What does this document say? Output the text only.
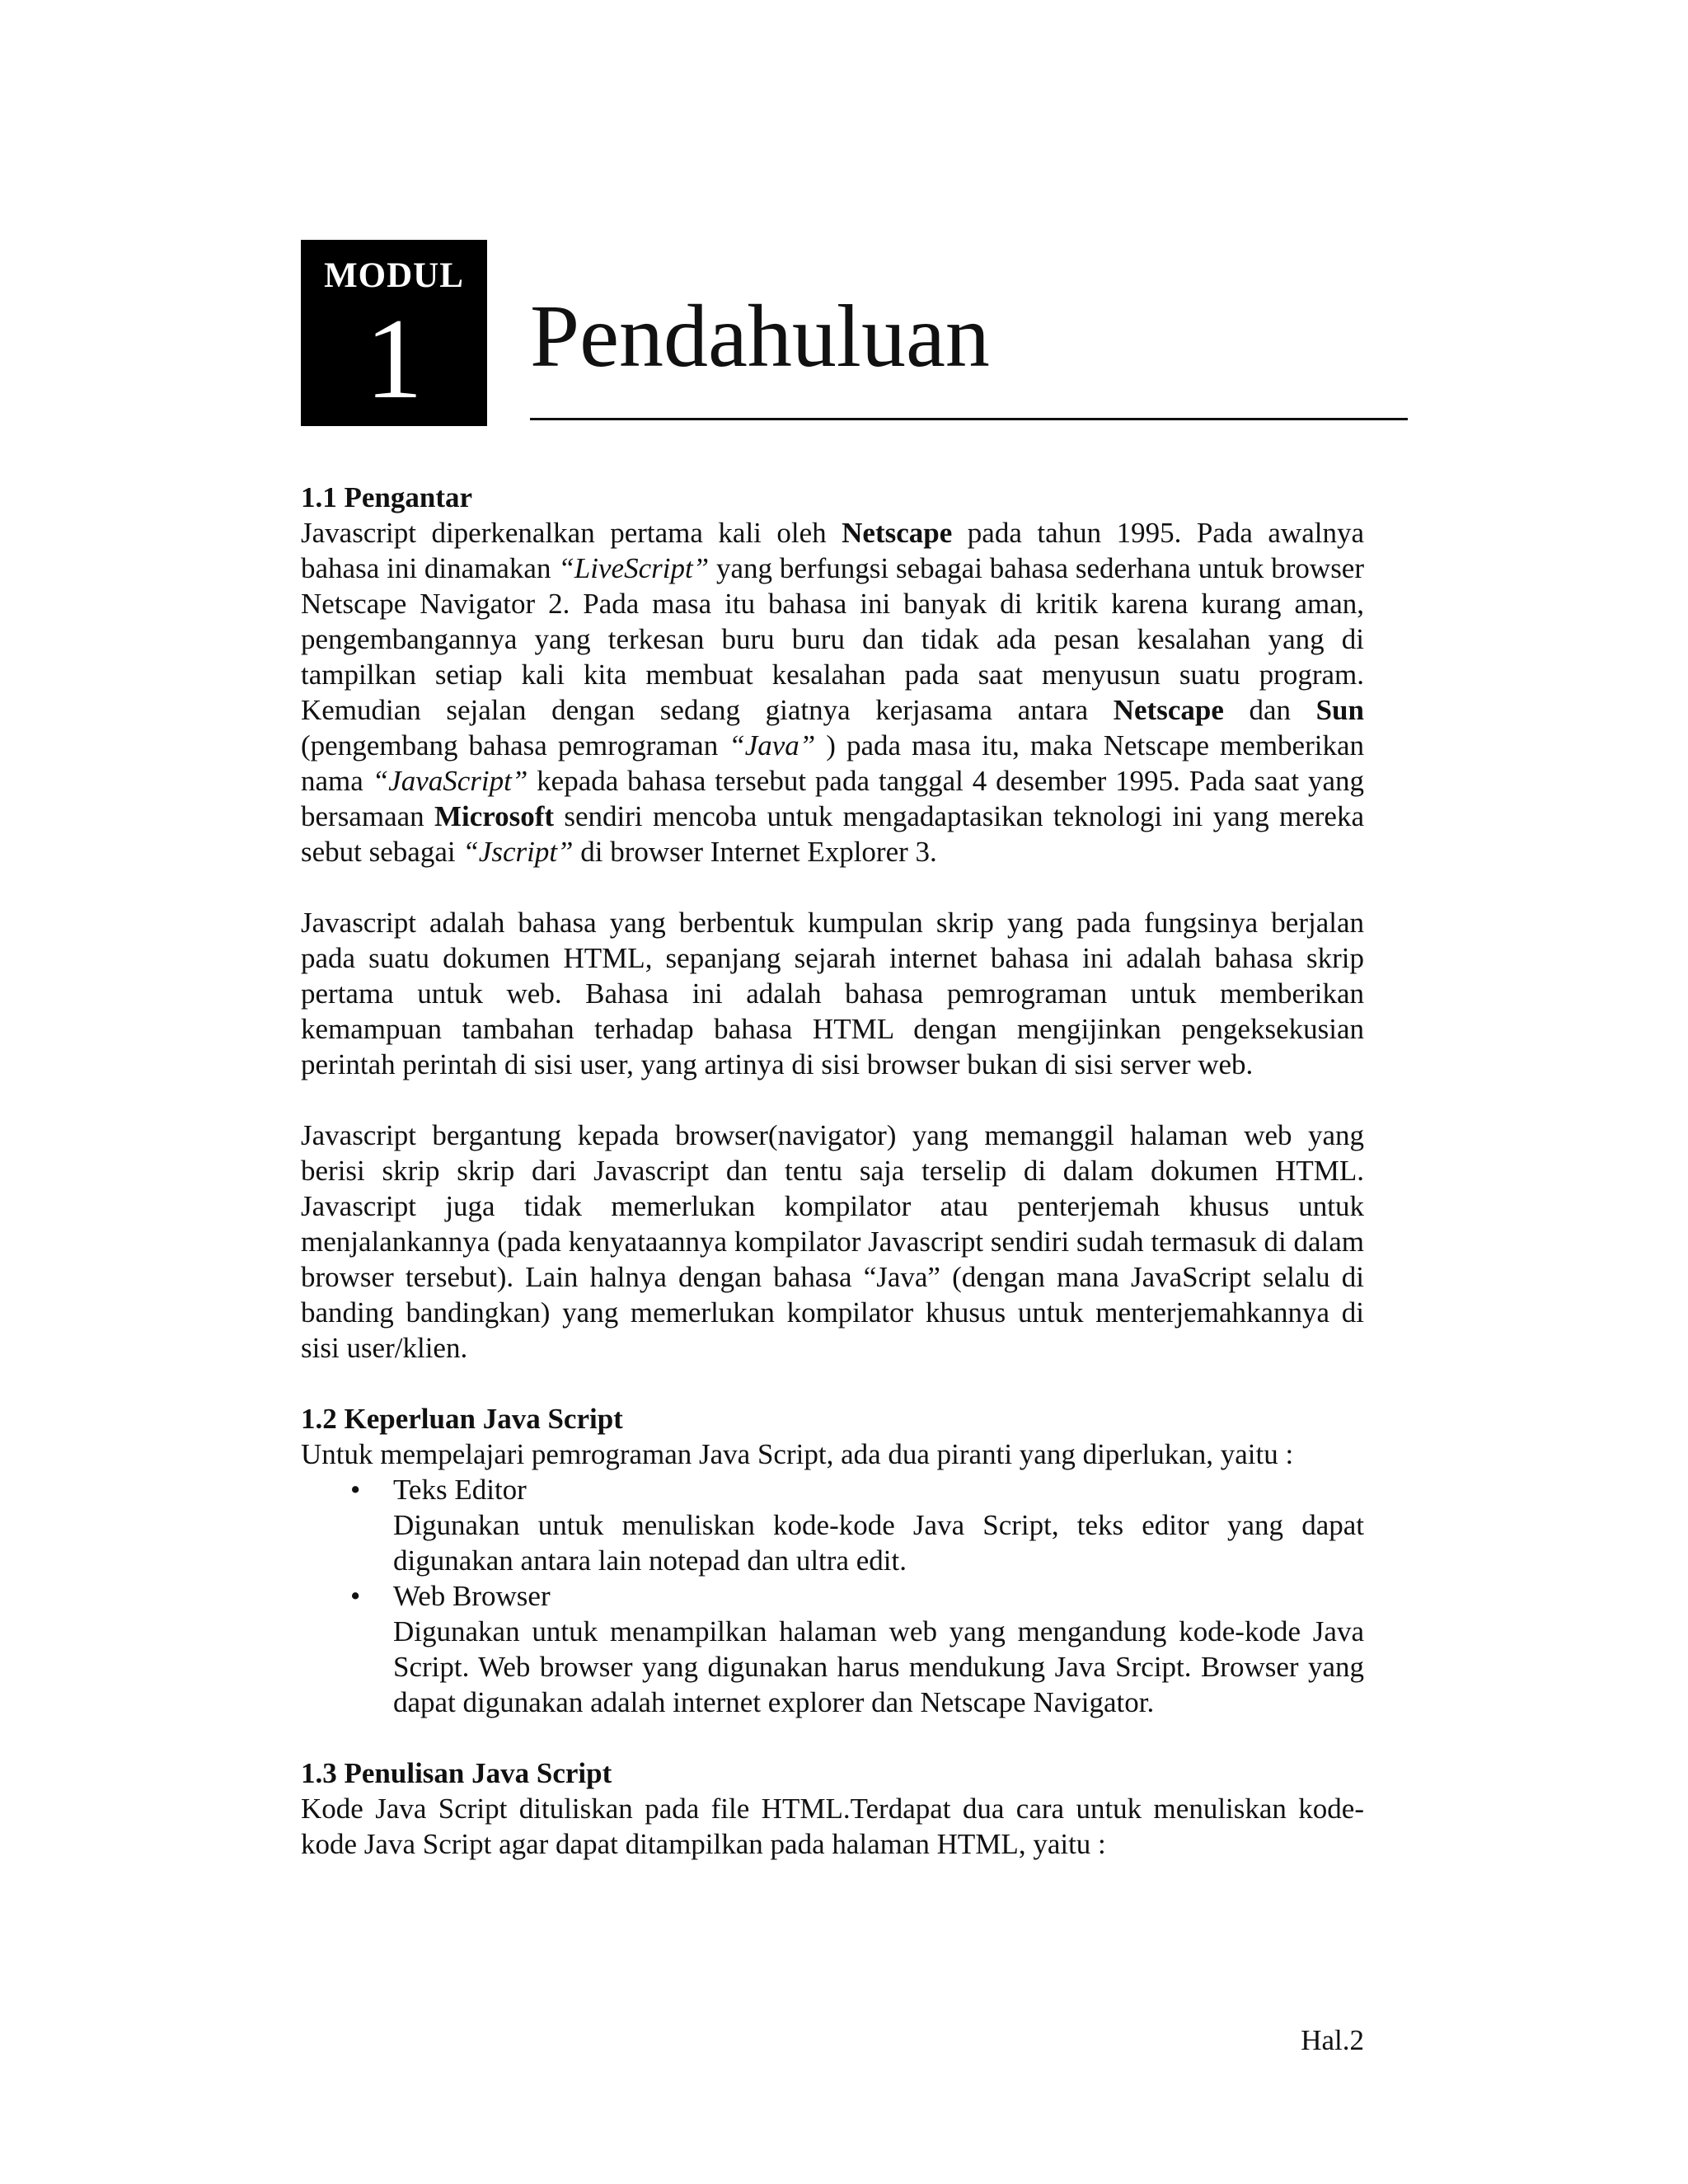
MODUL
1	Pendahuluan
1.1 Pengantar

Javascript diperkenalkan pertama kali oleh Netscape pada tahun 1995. Pada awalnya bahasa ini dinamakan “LiveScript” yang berfungsi sebagai bahasa sederhana untuk browser Netscape Navigator 2. Pada masa itu bahasa ini banyak di kritik karena kurang aman, pengembangannya yang terkesan buru buru dan tidak ada pesan kesalahan yang di tampilkan setiap kali kita membuat kesalahan pada saat menyusun suatu program. Kemudian sejalan dengan sedang giatnya kerjasama antara Netscape dan Sun (pengembang bahasa pemrograman “Java” ) pada masa itu, maka Netscape memberikan nama “JavaScript” kepada bahasa tersebut pada tanggal 4 desember 1995. Pada saat yang bersamaan Microsoft sendiri mencoba untuk mengadaptasikan teknologi ini yang mereka sebut sebagai “Jscript” di browser Internet Explorer 3.

Javascript adalah bahasa yang berbentuk kumpulan skrip yang pada fungsinya berjalan pada suatu dokumen HTML, sepanjang sejarah internet bahasa ini adalah bahasa skrip pertama untuk web. Bahasa ini adalah bahasa pemrograman untuk memberikan kemampuan tambahan terhadap bahasa HTML dengan mengijinkan pengeksekusian perintah perintah di sisi user, yang artinya di sisi browser bukan di sisi server web.

Javascript bergantung kepada browser(navigator) yang memanggil halaman web yang berisi skrip skrip dari Javascript dan tentu saja terselip di dalam dokumen HTML. Javascript juga tidak memerlukan kompilator atau penterjemah khusus untuk menjalankannya (pada kenyataannya kompilator Javascript sendiri sudah termasuk di dalam browser tersebut). Lain halnya dengan bahasa “Java” (dengan mana JavaScript selalu di banding bandingkan) yang memerlukan kompilator khusus untuk menterjemahkannya di sisi user/klien.

1.2 Keperluan Java Script

Untuk mempelajari pemrograman Java Script, ada dua piranti yang diperlukan, yaitu :

• Teks Editor
Digunakan untuk menuliskan kode-kode Java Script, teks editor yang dapat digunakan antara lain notepad dan ultra edit.
• Web Browser
Digunakan untuk menampilkan halaman web yang mengandung kode-kode Java Script. Web browser yang digunakan harus mendukung Java Srcipt. Browser yang dapat digunakan adalah internet explorer dan Netscape Navigator.
1.3 Penulisan Java Script

Kode Java Script dituliskan pada file HTML.Terdapat dua cara untuk menuliskan kode-kode Java Script agar dapat ditampilkan pada halaman HTML, yaitu :

Hal.2
